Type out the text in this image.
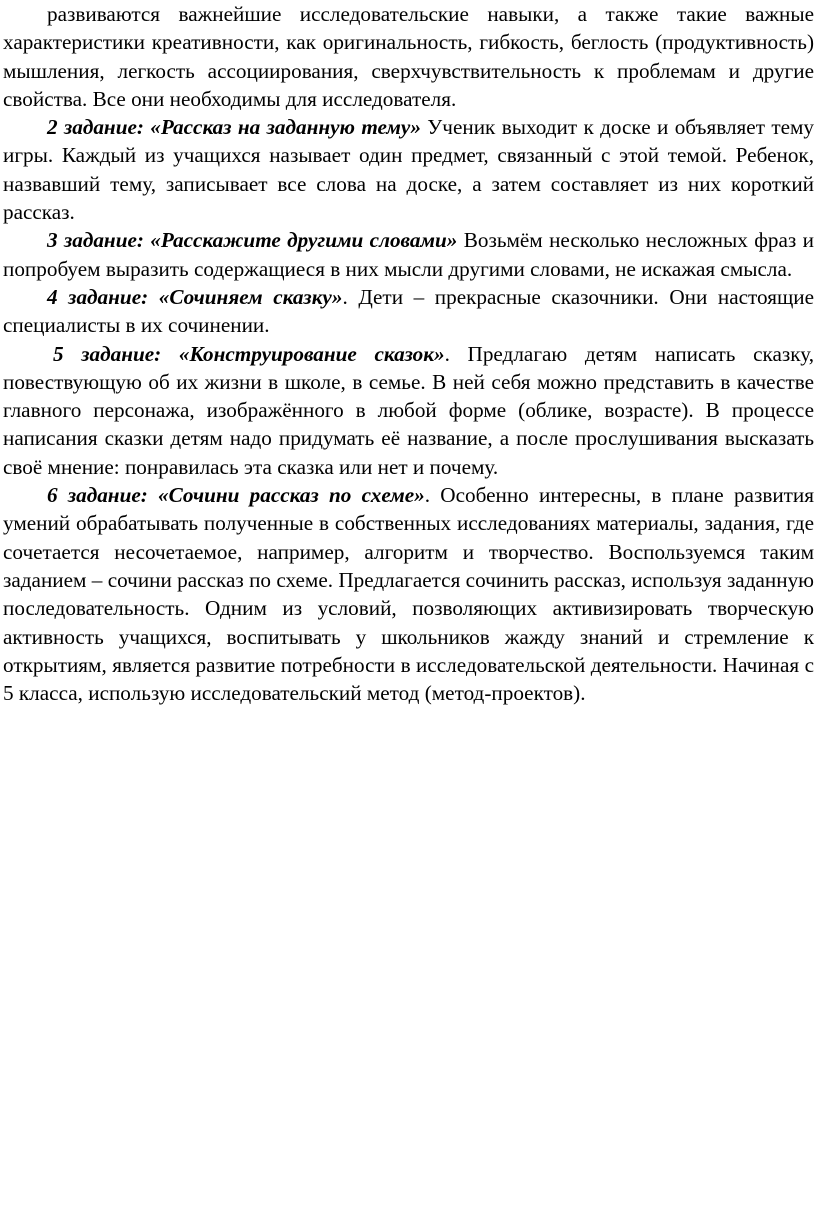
развиваются важнейшие исследовательские навыки, а также такие важные характеристики креативности, как оригинальность, гибкость, беглость (продуктивность) мышления, легкость ассоциирования, сверхчувствительность к проблемам и другие свойства. Все они необходимы для исследователя.

2 задание: «Рассказ на заданную тему» Ученик выходит к доске и объявляет тему игры. Каждый из учащихся называет один предмет, связанный с этой темой. Ребенок, назвавший тему, записывает все слова на доске, а затем составляет из них короткий рассказ.

3 задание: «Расскажите другими словами» Возьмём несколько несложных фраз и попробуем выразить содержащиеся в них мысли другими словами, не искажая смысла.

4 задание: «Сочиняем сказку». Дети – прекрасные сказочники. Они настоящие специалисты в их сочинении.

5 задание: «Конструирование сказок». Предлагаю детям написать сказку, повествующую об их жизни в школе, в семье. В ней себя можно представить в качестве главного персонажа, изображённого в любой форме (облике, возрасте). В процессе написания сказки детям надо придумать её название, а после прослушивания высказать своё мнение: понравилась эта сказка или нет и почему.

6 задание: «Сочини рассказ по схеме». Особенно интересны, в плане развития умений обрабатывать полученные в собственных исследованиях материалы, задания, где сочетается несочетаемое, например, алгоритм и творчество. Воспользуемся таким заданием – сочини рассказ по схеме. Предлагается сочинить рассказ, используя заданную последовательность. Одним из условий, позволяющих активизировать творческую активность учащихся, воспитывать у школьников жажду знаний и стремление к открытиям, является развитие потребности в исследовательской деятельности. Начиная с 5 класса, использую исследовательский метод (метод-проектов).
